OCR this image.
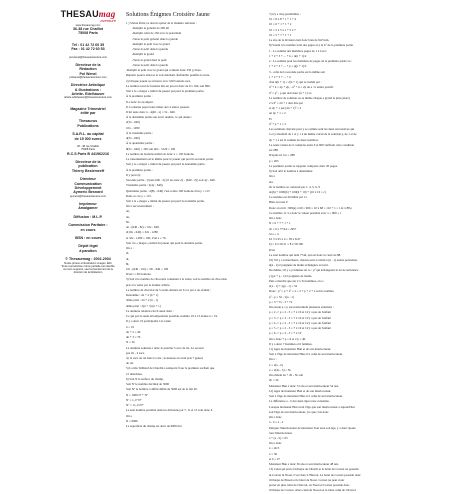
THESAUmag
aventure
www.thesaumag.com
36-38 rue Chaillot
75008 Paris
Tél : 01 42 72 60 35
Fax : 01 42 72 60 53
pol.wenel@thesauraventure.com
Directeur de la
Rédaction
Pol Wenel
polwenel@thesauraventure.com
Directrice Artistique
& Illustrations :
Arlette- Edelhauser
arlette.edelhauser@thesauraventure.com
Magazine Trimestriel
édité par
Thesaurus
Publications
S.A.R.L. au capital
de 15 000 euros
36 - 38 rue Chaillot
75008 Paris
R.C.S Paris B 441962216
Directeur de la
publication
Thierry Beslemeeff
Directeur
Communication
Développement
Aymeric Besnard
aymeric@thesauraventure.com
Imprimeur
Amalgamer
Diffusion : M.L.P.
Commission Paritaire :
en cours
ISSN : en cours
Dépôt légal
à parution
© Thesaurmag : 2002-2004
Textes photos et illustrations images. Édit.
Toute reproduction même partielle est interdite
sur tous supports, sauf consentement de la
direction de la Rédaction

Solutions Énigmes Croisière Jaune

1 ) Vision Point va devoir opérer de la manière suivante :

-Remplit le gobelet de 200 ml

-Remplit celui de 150 avec le précédent

-Verse le petit gobelet dans la gourde

-Remplit le petit avec le grand

-Verse le petit dans la gourde

-Remplit le grand

-Verse le grand dans le petit

-Verse le petit dans la gourde

-Remplit le petit avec le grand qui contient donc 250 g d'eau.

Répartir pourra ainsi se la voir méchant. Rafraîchir poutifie le reste.

2) Chaque joueur se retrouve avec 100 boulons sacs.

Le nombre total de boulons mis en jeu est donc de 6 x 160, soit 800.

Soit x le « magot » initial du joueur qui perd la première partie.

À la première partie :

Il a donc 2x au départ.

Il va ensuite payer leurs mises aux 4 autres joueurs.

Il lui reste donc x - 4(40 - x) = 5x - 640.

À la deuxième partie son avoir double, ce qui donne :

2(5x - 640)

10x - 1280

À la troisième partie :

4(5x - 640)

À la quatrième partie :

8(5x - 640) = 100 soit 40x - 5120 = 100

Le nombre de boulons initial est donc x = 130 boulons.

La raisonnement est le même pour le joueur qui perd la seconde partie.

Soit y le « magot » initial du joueur qui perd la deuxième partie.

À la première partie :

Il y perd 2y.

Seconde partie : (l paie 640 - 2y) il ne reste 2y - (640 - 2y) soit 4y - 640.

Troisième partie : 2(4y - 640)

Quatrième partie : 4(8y - 640) c'est-à-dire 100 boulons d'où y = 115

Dans ce cas y = 115.

Soit z le « magot » initial du joueur qui perd la troisième partie.

On a successivement :

4z,

4z,

8z,

4z - (640 - 8z) = 16z - 640,

2(16z - 640) = 32z - 1280

et 32z - 1280 = 100, d'où z = 70.

Soit t le « magot » initial du joueur qui perd la dernière partie.

On a :

2t,

4t,

8t,

16t - (640 - 16t) = 32t - 640 = 100

D'où t = 40 boulons.

3) Soit n le nombre de chocolats contenant à la vente, soit le nombre de chocolats

pris à la vente par le dernier arbitre.

Le nombre de chocolat du 5 avant-dernier est 6 x n par 2 on obtient :

Deuxième : 2n + 2 (n + 1)

3ème pirat : 2n + 2 (n - 1)

4ème pirat : 2(n + 3) (n + 1)

La dernière relation s'écrit aussi donc :

Ce qui par la seule décomposition possible, nombre 19 x 13 donne n = 19.

Il y a donc 19 participants à la vente

n = 19

2n + 2 = 40

4n + 3 = 79

N = 3n

La dernière solution a donc le quartier 5 sacs de riz. Le second

pas 2n - 4 sacs.

4) 11 sacs de riz dans la cale ; le mousse en avait pris 7 genres

de riz.

5) La tête Teilhard de Chardin a remporté 9 sur la première sachant que

15 détachées.

6) Soit N la surface du champ.

Soit N' le nombre décimal de 3000

Soit N'' le nombre à défini défini de 3000 est de la fait 20.

N = 1000 N' + N''

N' = 1,17 N''

N'' = 11,13 N''

Le seul nombre possible dans les divisions par 7, 11 et 13 sont donc 6

On a

N = 6006

La superficie du champ est donc de 6006 m2.

7) n'y a cinq possibilités :

10 = 8 x 8 + 1 + 1 + 4

10 = 6 + 1 + 1 + 2

10 = 5 x 5 x 1 + 5 x 7

10 = 5 + 7 + 1 + 1

Le site de la division était donc bien de 9,65 km.

8) Soient n le nombre total des pages et p le n° de la première partie

1 - La somme des membres pages de 1 à n est :

1 + 2 + 3 + ... + n = n(n + 1)/2

2 - La somme pour les membres de pages de la première partie va :

1 + 2 + 3 + ... + p = p(p + 1)/2

3 - celle de la seconde partie est la même soit

1 + 2 + 3 + ... + n

d'où n(n + 1) = 2(n + 1) qui se traduit par :

n² + n = 2p + 2p, - n² + n = 2p on a : n entier positif.

n² = p² - p qui doit donc (n + 1) va

Le nombre de solution ou se même chaque a grand le plus (alors)

2 x 6² = 2n + 1 doit être par

et 2p + 1 par (2n + 1)² = 2

on 2p + 1 = 2

Et

n² + p + 1 = 2

Les solutions doivent pour y se comme sont les deux successives qui

x et y résultent de 1 et y 1 à un même calcul de la solution y, de 1 et de

2p + 1 a est la somme de deux nombres.

La seule valeur de n comprise entre 0 et 600 vérifiant cette condition

est 288

D'après ici n n = 288

p = 203

La première partie se rappeler comporte donc 20 pages.

9) Soit arbi le nombre à déterminer.

On a

abc

Or le nombre se construit par 1, 4, 5, 6, 9

ab(h) + 1000(b) + 100(h + 10) + (10 x 10 = c)

Ce nombre est divisible par 11.

Bien au reste 0

Donc on écrit : 909(a) x 60 = 909 = 10 x 68 = 110 + 1 = 11x x 88 p

Ce nombre 11 3 a donc le valeur possible avec a = 909 = 1

On a donc

N = 6 + 7 + 1 + 1

ab = 6 x 77/44 = 295?

Si a = 4

Ici 3 x 95 x 4 = 38 x 6/47

b) = 9 x 50/11 = 8 x 50/100

D'où

Le seul nombre qui tient 7744, qui est donc le carré de 88.

10) S'il y a n marcheurs, chacun serre la main à (n - 1) autres personnes

n(n - 1)/2 poignées de mains échangées au total.

De même, s'il y a p femmes en ce : p² qui échangeant le lot de substance

y (p2 + p - 1)/2 poignées de mains.

Puis a marché que sur 2 x 3x hommes, on a :

x(x - 1) + p(p - 1) = 52

Donc : p² = p + x² = x = 2 + p + 2 + x soit le nombre

p² - p = 52 - x(x - 1)

p = 3 + 7x - 3 + 7x

On essaie p = p successivement plusieurs solutions :

p = 2 -> p = 2 - 3 = 7 x 10 et l n'y a pas de l'enfant

p = 3 -> p = 3 - 3 = 7 x 10 et l n'y a pas de l'enfant

p = 4 -> p = 2 - 3 = 7 x 10 et l n'y a pas de l'enfant

p = 5 -> p = 2 - 3 = 7 x 10 et l n'y a pas de l'enfant

p = 6 -> p = 3 - 3 = 7 x 10

On a donc 7 p = 6 et 2 p = 40.

Il y a donc 7 hommes et 6 femmes.

11) Ages de monsieur Hun et de son interlocuteur.

Soit x l'âge de monsieur Hun et b celui de son interlocuteur.

On a :

x = 2(a - b)

x = 2(4a - b) = 3b

On obtient 4a + 2b - 3b soit

2b = 3b

Monsieur Hun a donc 72 ans et son interlocuteur 54 ans.

12) Ages de monsieur Hun et de son interlocuteur.

Soit x l'âge de monsieur Hun et b celui de son interlocuteur.

La différence a - b des deux âges reste constante.

Lorsque monsieur Hun avait l'âge que son interlocuteur a aujourd'hui

soit l'âge de son interlocuteur, (ce que c'est donc

On a donc

a - b = a - 2

Puisque l'interlocuteur de monsieur Tout aura son âge, y a donc ajoute

tout l'interlocuteur.

a + (a - b) = 63

On a donc

x = 4b/3

x = 36

et b = 27

Monsieur Hun a donc 36 ans et son interlocuteur 48 ans.

13) Celui qui porte l'écharpe de Chavril et le béret de Couvet ne possède

ni Couvet ni Noon. C'est donc L'Herron. Le béret de Couvet possède donc

l'écharpe de Pisson et le béret de Noon. Couvet ne peut avoir

porter en plus celui de Chavrol, ou Noon et Couvet possède donc

l'écharpe de Couvet. Alors celui de Nooon et le béret celui de Chavrol.
